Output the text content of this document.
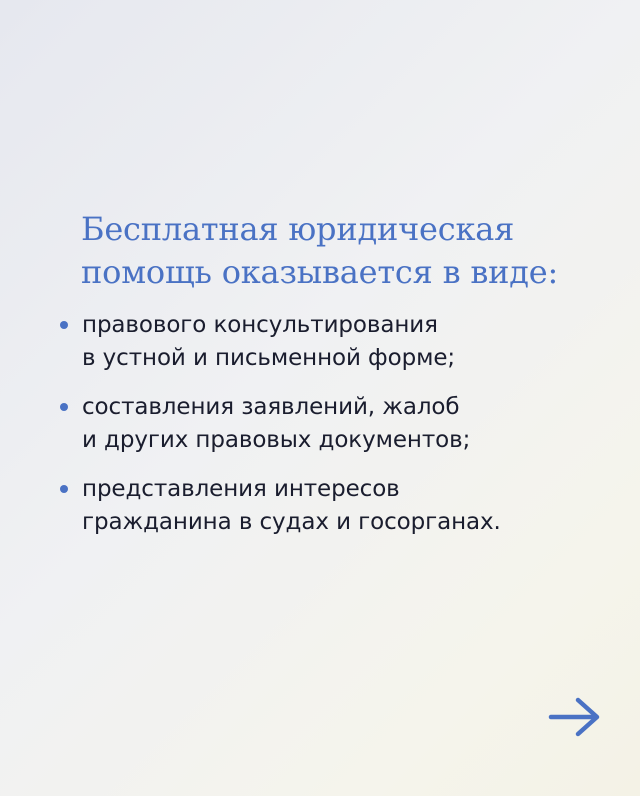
Бесплатная юридическая
помощь оказывается в виде:
правового консультирования
в устной и письменной форме;
составления заявлений, жалоб
и других правовых документов;
представления интересов
гражданина в судах и госорганах.
